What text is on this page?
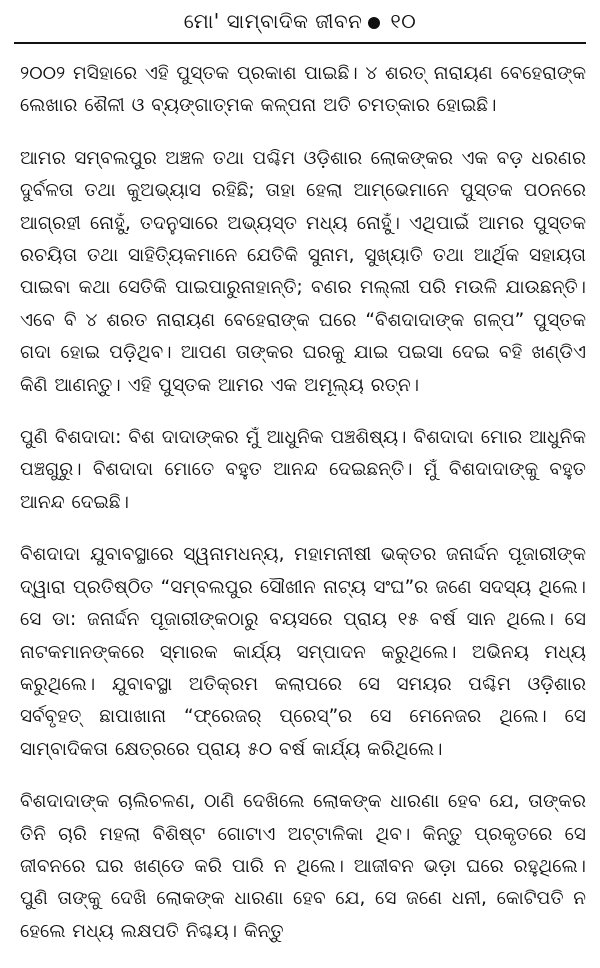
ମୋ' ସାମ୍ବାଦିକ ଜୀବନ ୧୦

୨୦୦୨ ମସିହାରେ ଏହି ପୁସ୍ତକ ପ୍ରକାଶ ପାଇଛି। ୪ ଶରତ୍ ନାରାୟଣ ବେହେରାଙ୍କ ଲେଖାର ଶୈଳୀ ଓ ବ୍ୟଙ୍ଗାତ୍ମକ କଳ୍ପନା ଅତି ଚମତ୍କାର ହୋଇଛି।

ଆମର ସମ୍ବଲପୁର ଅଞ୍ଚଳ ତଥା ପଶ୍ଚିମ ଓଡ଼ିଶାର ଲୋକଙ୍କର ଏକ ବଡ଼ ଧରଣର ଦୁର୍ବଳତା ତଥା କୁଅଭ୍ୟାସ ରହିଛି; ତାହା ହେଲା ଆମ୍ଭେମାନେ ପୁସ୍ତକ ପଠନରେ ଆଗ୍ରହୀ ନୋହୁଁ, ତଦନୁସାରେ ଅଭ୍ୟସ୍ତ ମଧ୍ୟ ନୋହୁଁ। ଏଥିପାଇଁ ଆମର ପୁସ୍ତକ ରଚୟିତା ତଥା ସାହିତ୍ୟିକମାନେ ଯେତିକି ସୁନାମ, ସୁଖ୍ୟାତି ତଥା ଆର୍ଥିକ ସହାୟତା ପାଇବା କଥା ସେତିକି ପାଇପାରୁନାହାନ୍ତି; ବଣର ମଲ୍ଲୀ ପରି ମଉଳି ଯାଉଛନ୍ତି। ଏବେ ବି ୪ ଶରତ ନାରାୟଣ ବେହେରାଙ୍କ ଘରେ “ବିଶଦାଦାଙ୍କ ଗଳ୍ପ” ପୁସ୍ତକ ଗଦା ହୋଇ ପଡ଼ିଥିବ। ଆପଣ ତାଙ୍କର ଘରକୁ ଯାଇ ପଇସା ଦେଇ ବହି ଖଣ୍ଡିଏ କିଣି ଆଣନ୍ତୁ। ଏହି ପୁସ୍ତକ ଆମର ଏକ ଅମୂଲ୍ୟ ରତ୍ନ।

ପୁଣି ବିଶଦାଦା: ବିଶ ଦାଦାଙ୍କର ମୁଁ ଆଧୁନିକ ପଞ୍ଚଶିଷ୍ୟ। ବିଶଦାଦା ମୋର ଆଧୁନିକ ପଞ୍ଚଗୁରୁ। ବିଶଦାଦା ମୋତେ ବହୁତ ଆନନ୍ଦ ଦେଇଛନ୍ତି। ମୁଁ ବିଶଦାଦାଙ୍କୁ ବହୁତ ଆନନ୍ଦ ଦେଇଛି।

ବିଶଦାଦା ଯୁବାବସ୍ଥାରେ ସ୍ୱନାମଧନ୍ୟ, ମହାମନୀଷୀ ଭକ୍ତର ଜନାର୍ଦ୍ଦନ ପୂଜାରୀଙ୍କ ଦ୍ୱାରା ପ୍ରତିଷ୍ଠିତ “ସମ୍ବଲପୁର ସୌଖୀନ ନାଟ୍ୟ ସଂଘ”ର ଜଣେ ସଦସ୍ୟ ଥିଲେ। ସେ ଡା: ଜନାର୍ଦ୍ଦନ ପୂଜାରୀଙ୍କଠାରୁ ବୟସରେ ପ୍ରାୟ ୧୫ ବର୍ଷ ସାନ ଥିଲେ। ସେ ନାଟକମାନଙ୍କରେ ସ୍ମାରକ କାର୍ଯ୍ୟ ସମ୍ପାଦନ କରୁଥିଲେ। ଅଭିନୟ ମଧ୍ୟ କରୁଥିଲେ। ଯୁବାବସ୍ଥା ଅତିକ୍ରମ କଲାପରେ ସେ ସମୟର ପଶ୍ଚିମ ଓଡ଼ିଶାର ସର୍ବବୃହତ୍ ଛାପାଖାନା “ଫ୍ରେଜର୍ ପ୍ରେସ୍”ର ସେ ମେନେଜର ଥିଲେ। ସେ ସାମ୍ବାଦିକତା କ୍ଷେତ୍ରରେ ପ୍ରାୟ ୫୦ ବର୍ଷ କାର୍ଯ୍ୟ କରିଥିଲେ।

ବିଶଦାଦାଙ୍କ ଚାଲିଚଳଣ, ଠାଣି ଦେଖିଲେ ଲୋକଙ୍କ ଧାରଣା ହେବ ଯେ, ତାଙ୍କର ତିନି ଚାରି ମହଲା ବିଶିଷ୍ଟ ଗୋଟାଏ ଅଟ୍ଟାଳିକା ଥିବ। କିନ୍ତୁ ପ୍ରକୃତରେ ସେ ଜୀବନରେ ଘର ଖଣ୍ଡେ କରି ପାରି ନ ଥିଲେ। ଆଜୀବନ ଭଡ଼ା ଘରେ ରହୁଥିଲେ। ପୁଣି ତାଙ୍କୁ ଦେଖି ଲୋକଙ୍କ ଧାରଣା ହେବ ଯେ, ସେ ଜଣେ ଧନୀ, କୋଟିପତି ନ ହେଲେ ମଧ୍ୟ ଲକ୍ଷପତି ନିଶ୍ଚୟ। କିନ୍ତୁ
